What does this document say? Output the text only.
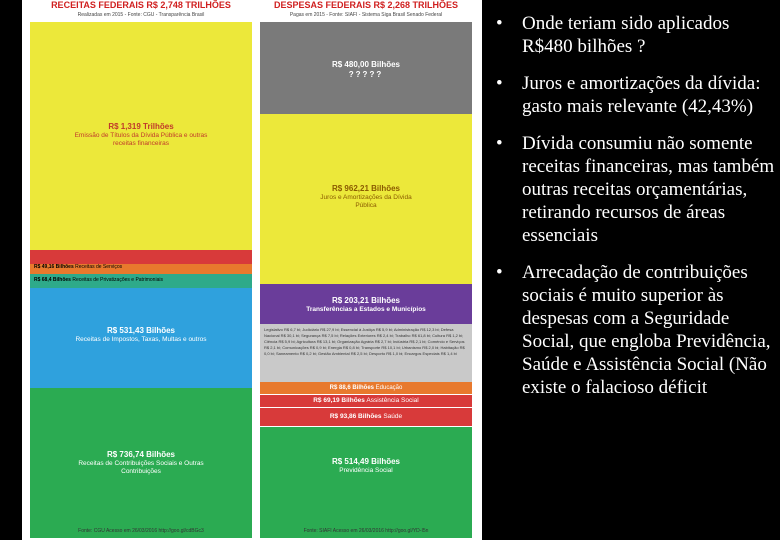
RECEITAS FEDERAIS R$ 2,748 TRILHÕES
Realizadas em 2015 - Fonte: CGU - Transparência Brasil
R$ 1,319 Trilhões
Emissão de Títulos da Dívida Pública e outras receitas financeiras
R$ 49,16 Bilhões Receitas de Serviços
R$ 68,4 Bilhões Receitas de Privatizações e Patrimoniais
R$ 531,43 Bilhões
Receitas de Impostos, Taxas, Multas e outros
R$ 736,74 Bilhões
Receitas de Contribuições Sociais e Outras Contribuições
Fonte: CGU Acesso em 26/03/2016 http://goo.gl/cdBGc3
DESPESAS FEDERAIS R$ 2,268 TRILHÕES
Pagas em 2015 - Fonte: SIAFI - Sistema Siga Brasil Senado Federal
R$ 480,00 Bilhões
?????
R$ 962,21 Bilhões
Juros e Amortizações da Dívida Pública
R$ 203,21 Bilhões
Transferências a Estados e Municípios
Legislativo R$ 6,7 bi; Judiciário R$ 27,9 bi; Essencial à Justiça R$ 5,9 bi; Administração R$ 12,3 bi; Defesa Nacional R$ 30,1 bi; Segurança R$ 7,5 bi; Relações Exteriores R$ 2,4 bi; Trabalho R$ 61,8 bi; Cultura R$ 1,2 bi; Ciência R$ 5,9 bi; Agricultura R$ 13,1 bi; Organização Agrária R$ 2,7 bi; Indústria R$ 2,1 bi; Comércio e Serviços R$ 2,1 bi; Comunicações R$ 0,9 bi; Energia R$ 0,8 bi; Transporte R$ 10,1 bi; Urbanismo R$ 2,0 bi; Habitação R$ 0,0 bi; Saneamento R$ 0,2 bi; Gestão Ambiental R$ 2,5 bi; Desporto R$ 1,0 bi; Encargos Especiais R$ 1,4 bi
R$ 88,6 Bilhões Educação
R$ 69,19 Bilhões Assistência Social
R$ 93,86 Bilhões Saúde
R$ 514,49 Bilhões
Previdência Social
Fonte: SIAFI Acesso em 26/03/2016 http://goo.gl/YD-I5n
•	Onde teriam sido aplicados R$480 bilhões ?
•	Juros e amortizações da dívida: gasto mais relevante (42,43%)
•	Dívida consumiu não somente receitas financeiras, mas também outras receitas orçamentárias, retirando recursos de áreas essenciais
•	Arrecadação de contribuições sociais é muito superior às despesas com a Seguridade Social, que engloba Previdência, Saúde e Assistência Social (Não existe o falacioso déficit
